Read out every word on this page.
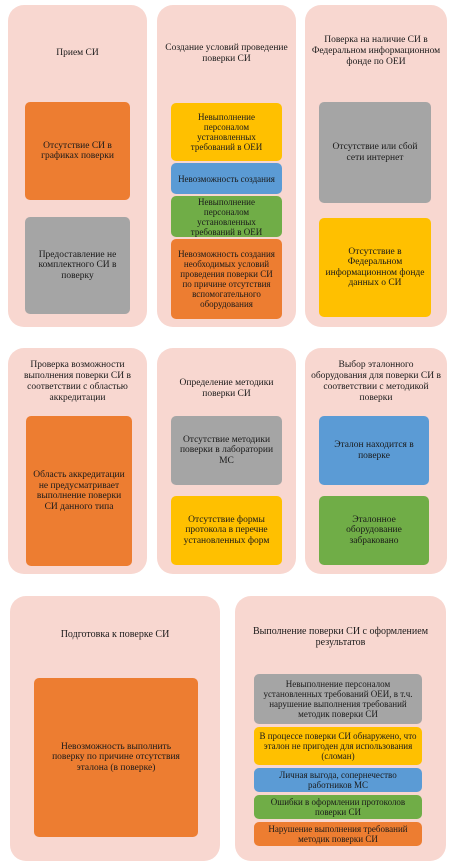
Прием СИ
Отсутствие СИ в графиках поверки
Предоставление не комплектного СИ в поверку
Создание условий проведение поверки СИ
Невыполнение персоналом установленных требований в ОЕИ
Невозможность создания
Невыполнение персоналом установленных требований в ОЕИ
Невозможность создания необходимых условий проведения поверки СИ по причине отсутствия вспомогательного оборудования
Поверка на наличие СИ в Федеральном информационном фонде по ОЕИ
Отсутствие или сбой сети интернет
Отсутствие в Федеральном информационном фонде данных о СИ
Проверка возможности выполнения поверки СИ в соответствии с областью аккредитации
Область аккредитации не предусматривает выполнение поверки СИ данного типа
Определение методики поверки СИ
Отсутствие методики поверки в лаборатории МС
Отсутствие формы протокола в перечне установленных форм
Выбор эталонного оборудования для поверки СИ в соответствии с методикой поверки
Эталон находится в поверке
Эталонное оборудование забраковано
Подготовка к поверке СИ
Невозможность выполнить поверку по причине отсутствия эталона (в поверке)
Выполнение поверки СИ с оформлением результатов
Невыполнение персоналом установленных требований ОЕИ, в т.ч. нарушение выполнения требований методик поверки СИ
В процессе поверки СИ обнаружено, что эталон не пригоден для использования (сломан)
Личная выгода, сопернечество работников МС
Ошибки в оформлении протоколов поверки СИ
Нарушение выполнения требований методик поверки СИ
